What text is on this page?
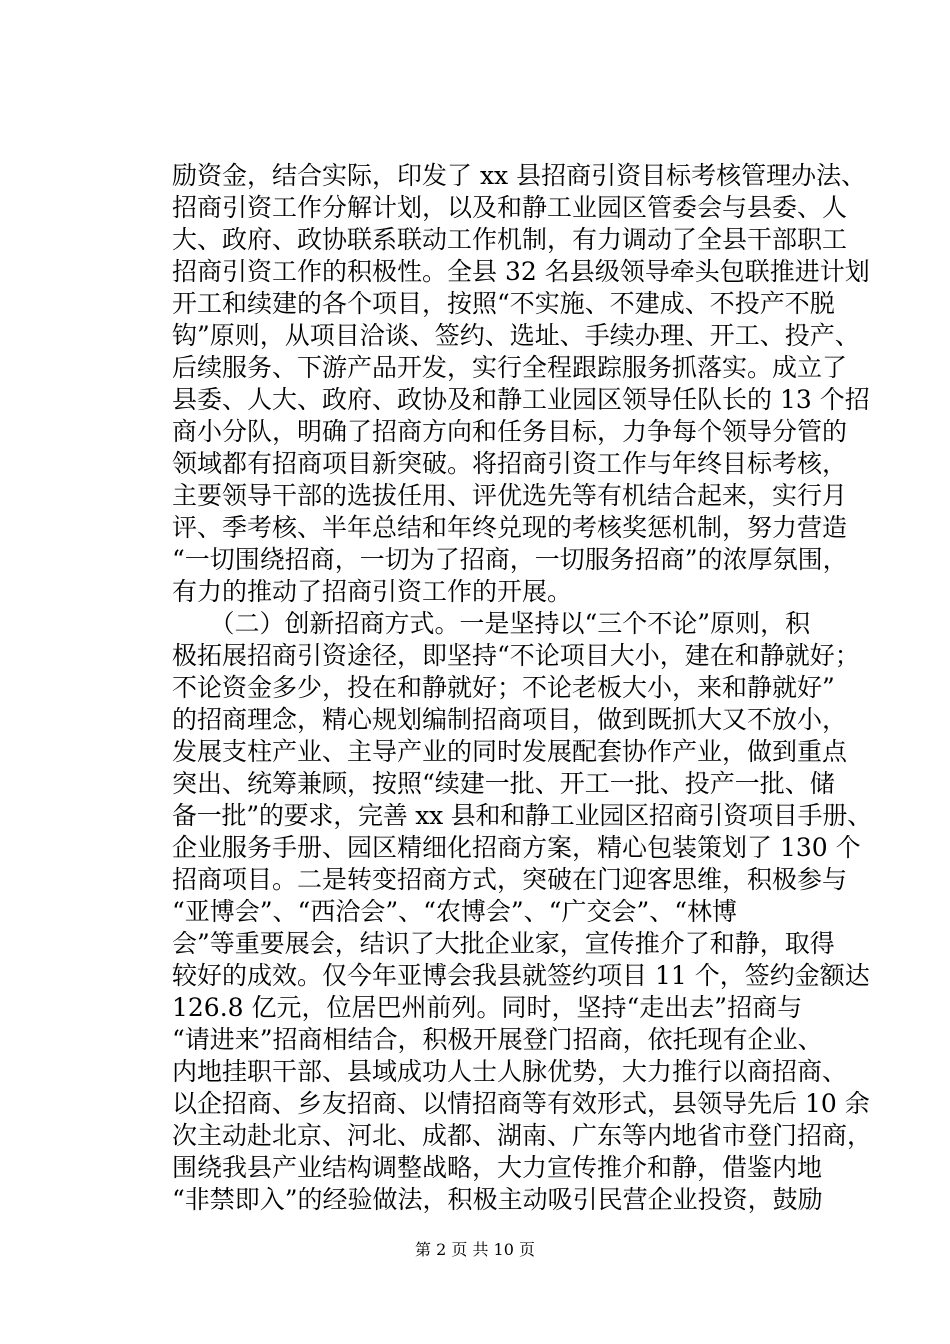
励资金，结合实际，印发了 xx 县招商引资目标考核管理办法、
招商引资工作分解计划，以及和静工业园区管委会与县委、人
大、政府、政协联系联动工作机制，有力调动了全县干部职工
招商引资工作的积极性。全县 32 名县级领导牵头包联推进计划
开工和续建的各个项目，按照“不实施、不建成、不投产不脱
钩”原则，从项目洽谈、签约、选址、手续办理、开工、投产、
后续服务、下游产品开发，实行全程跟踪服务抓落实。成立了
县委、人大、政府、政协及和静工业园区领导任队长的 13 个招
商小分队，明确了招商方向和任务目标，力争每个领导分管的
领域都有招商项目新突破。将招商引资工作与年终目标考核，
主要领导干部的选拔任用、评优选先等有机结合起来，实行月
评、季考核、半年总结和年终兑现的考核奖惩机制，努力营造
“一切围绕招商，一切为了招商，一切服务招商”的浓厚氛围，
有力的推动了招商引资工作的开展。
　　（二）创新招商方式。一是坚持以“三个不论”原则，积
极拓展招商引资途径，即坚持“不论项目大小，建在和静就好；
不论资金多少，投在和静就好；不论老板大小，来和静就好”
的招商理念，精心规划编制招商项目，做到既抓大又不放小，
发展支柱产业、主导产业的同时发展配套协作产业，做到重点
突出、统筹兼顾，按照“续建一批、开工一批、投产一批、储
备一批”的要求，完善 xx 县和和静工业园区招商引资项目手册、
企业服务手册、园区精细化招商方案，精心包装策划了 130 个
招商项目。二是转变招商方式，突破在门迎客思维，积极参与
“亚博会”、“西洽会”、“农博会”、“广交会”、“林博
会”等重要展会，结识了大批企业家，宣传推介了和静，取得
较好的成效。仅今年亚博会我县就签约项目 11 个，签约金额达
126.8 亿元，位居巴州前列。同时，坚持“走出去”招商与
“请进来”招商相结合，积极开展登门招商，依托现有企业、
内地挂职干部、县域成功人士人脉优势，大力推行以商招商、
以企招商、乡友招商、以情招商等有效形式，县领导先后 10 余
次主动赴北京、河北、成都、湖南、广东等内地省市登门招商，
围绕我县产业结构调整战略，大力宣传推介和静，借鉴内地
“非禁即入”的经验做法，积极主动吸引民营企业投资，鼓励
第 2 页 共 10 页
